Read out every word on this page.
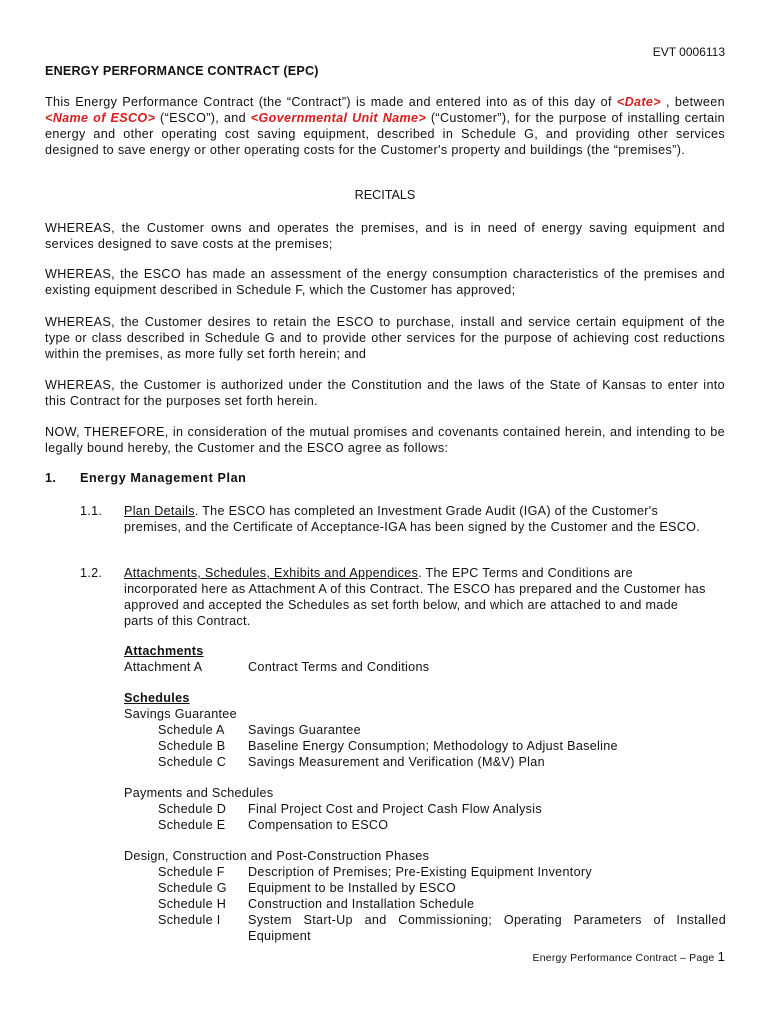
EVT 0006113
ENERGY PERFORMANCE CONTRACT (EPC)
This Energy Performance Contract (the “Contract”) is made and entered into as of this day of <Date> , between <Name of ESCO> (“ESCO”), and <Governmental Unit Name> (“Customer”), for the purpose of installing certain energy and other operating cost saving equipment, described in Schedule G, and providing other services designed to save energy or other operating costs for the Customer's property and buildings (the “premises”).
RECITALS
WHEREAS, the Customer owns and operates the premises, and is in need of energy saving equipment and services designed to save costs at the premises;
WHEREAS, the ESCO has made an assessment of the energy consumption characteristics of the premises and existing equipment described in Schedule F, which the Customer has approved;
WHEREAS, the Customer desires to retain the ESCO to purchase, install and service certain equipment of the type or class described in Schedule G and to provide other services for the purpose of achieving cost reductions within the premises, as more fully set forth herein; and
WHEREAS, the Customer is authorized under the Constitution and the laws of the State of Kansas to enter into this Contract for the purposes set forth herein.
NOW, THEREFORE, in consideration of the mutual promises and covenants contained herein, and intending to be legally bound hereby, the Customer and the ESCO agree as follows:
1. Energy Management Plan
1.1. Plan Details. The ESCO has completed an Investment Grade Audit (IGA) of the Customer's premises, and the Certificate of Acceptance-IGA has been signed by the Customer and the ESCO.
1.2. Attachments, Schedules, Exhibits and Appendices. The EPC Terms and Conditions are incorporated here as Attachment A of this Contract. The ESCO has prepared and the Customer has approved and accepted the Schedules as set forth below, and which are attached to and made parts of this Contract.
Attachments
Attachment A	Contract Terms and Conditions
Schedules
Savings Guarantee
Schedule A Savings Guarantee
Schedule B Baseline Energy Consumption; Methodology to Adjust Baseline
Schedule C Savings Measurement and Verification (M&V) Plan
Payments and Schedules
Schedule D Final Project Cost and Project Cash Flow Analysis
Schedule E Compensation to ESCO
Design, Construction and Post-Construction Phases
Schedule F Description of Premises; Pre-Existing Equipment Inventory
Schedule G Equipment to be Installed by ESCO
Schedule H Construction and Installation Schedule
Schedule I System Start-Up and Commissioning; Operating Parameters of Installed
Equipment
Energy Performance Contract – Page 1
